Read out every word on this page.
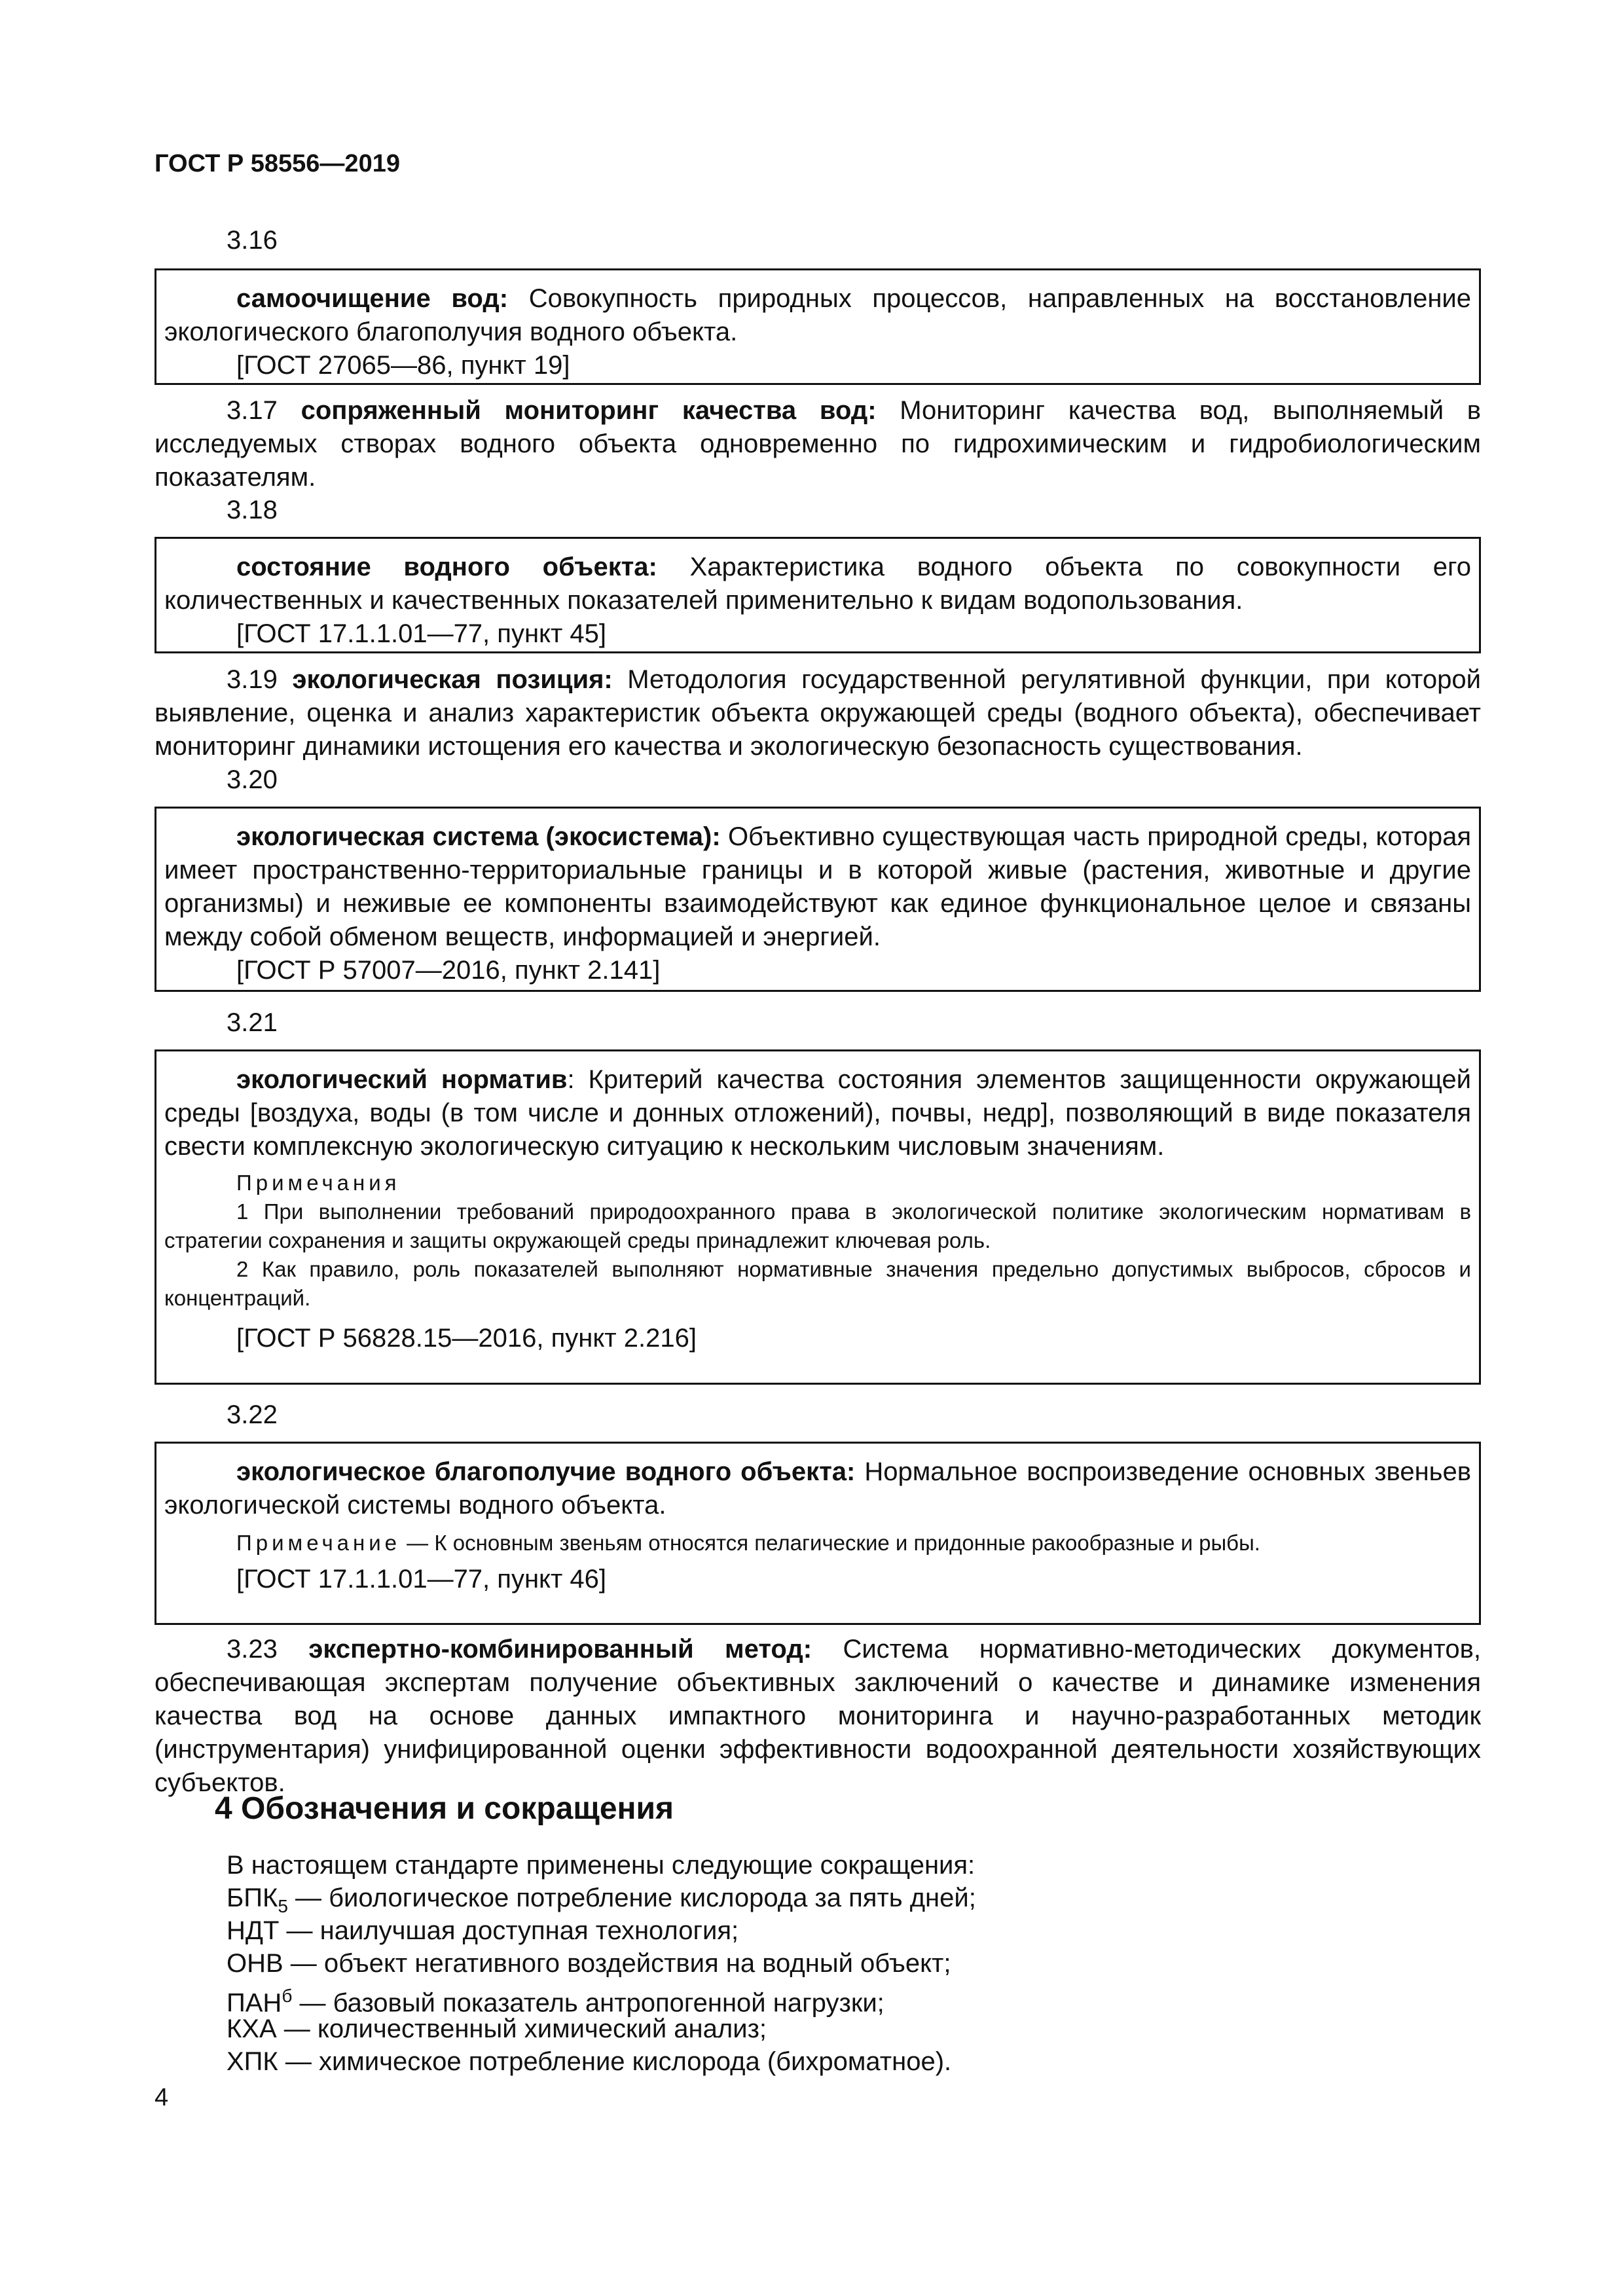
ГОСТ Р 58556—2019
3.16

самоочищение вод: Совокупность природных процессов, направленных на восстановление экологического благополучия водного объекта.

[ГОСТ 27065—86, пункт 19]

3.17 сопряженный мониторинг качества вод: Мониторинг качества вод, выполняемый в исследуемых створах водного объекта одновременно по гидрохимическим и гидробиологическим показателям.
3.18

состояние водного объекта: Характеристика водного объекта по совокупности его количественных и качественных показателей применительно к видам водопользования.

[ГОСТ 17.1.1.01—77, пункт 45]

3.19 экологическая позиция: Методология государственной регулятивной функции, при которой выявление, оценка и анализ характеристик объекта окружающей среды (водного объекта), обеспечивает мониторинг динамики истощения его качества и экологическую безопасность существования.
3.20

экологическая система (экосистема): Объективно существующая часть природной среды, которая имеет пространственно-территориальные границы и в которой живые (растения, животные и другие организмы) и неживые ее компоненты взаимодействуют как единое функциональное целое и связаны между собой обменом веществ, информацией и энергией.

[ГОСТ Р 57007—2016, пункт 2.141]

3.21

экологический норматив: Критерий качества состояния элементов защищенности окружающей среды [воздуха, воды (в том числе и донных отложений), почвы, недр], позволяющий в виде показателя свести комплексную экологическую ситуацию к нескольким числовым значениям.

Примечания

1 При выполнении требований природоохранного права в экологической политике экологическим нормативам в стратегии сохранения и защиты окружающей среды принадлежит ключевая роль.

2 Как правило, роль показателей выполняют нормативные значения предельно допустимых выбросов, сбросов и концентраций.

[ГОСТ Р 56828.15—2016, пункт 2.216]

3.22

экологическое благополучие водного объекта: Нормальное воспроизведение основных звеньев экологической системы водного объекта.

Примечание — К основным звеньям относятся пелагические и придонные ракообразные и рыбы.

[ГОСТ 17.1.1.01—77, пункт 46]

3.23 экспертно-комбинированный метод: Система нормативно-методических документов, обеспечивающая экспертам получение объективных заключений о качестве и динамике изменения качества вод на основе данных импактного мониторинга и научно-разработанных методик (инструментария) унифицированной оценки эффективности водоохранной деятельности хозяйствующих субъектов.
4 Обозначения и сокращения
В настоящем стандарте применены следующие сокращения:
$БПК_5$ — биологическое потребление кислорода за пять дней;
НДТ — наилучшая доступная технология;
ОНВ — объект негативного воздействия на водный объект;
$ПАН^б$ — базовый показатель антропогенной нагрузки;
КХА — количественный химический анализ;
ХПК — химическое потребление кислорода (бихроматное).
4
